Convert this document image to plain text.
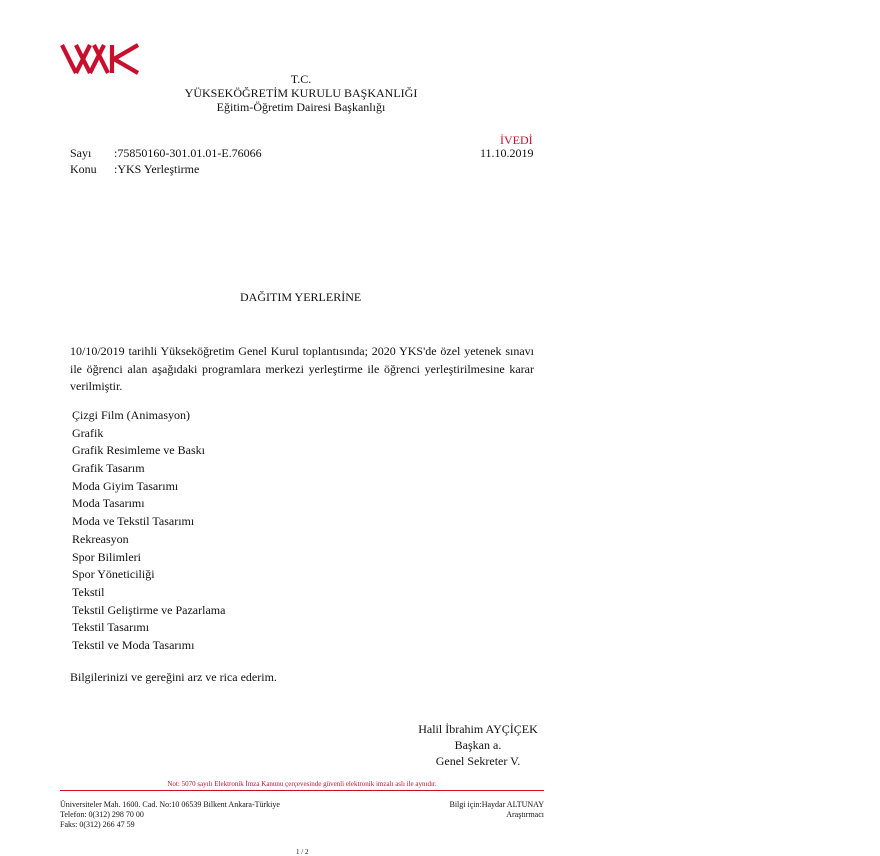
T.C.
YÜKSEKÖĞRETİM KURULU BAŞKANLIĞI
Eğitim-Öğretim Dairesi Başkanlığı
İVEDİ
Sayı :75850160-301.01.01-E.76066	11.10.2019
Konu :YKS Yerleştirme
DAĞITIM YERLERİNE
10/10/2019 tarihli Yükseköğretim Genel Kurul toplantısında; 2020 YKS'de özel yetenek sınavı ile öğrenci alan aşağıdaki programlara merkezi yerleştirme ile öğrenci yerleştirilmesine karar verilmiştir.
Çizgi Film (Animasyon)
Grafik
Grafik Resimleme ve Baskı
Grafik Tasarım
Moda Giyim Tasarımı
Moda Tasarımı
Moda ve Tekstil Tasarımı
Rekreasyon
Spor Bilimleri
Spor Yöneticiliği
Tekstil
Tekstil Geliştirme ve Pazarlama
Tekstil Tasarımı
Tekstil ve Moda Tasarımı
Bilgilerinizi ve gereğini arz ve rica ederim.
Halil İbrahim AYÇİÇEK
Başkan a.
Genel Sekreter V.
Not: 5070 sayılı Elektronik İmza Kanunu çerçevesinde güvenli elektronik imzalı aslı ile aynıdır.
Üniversiteler Mah. 1600. Cad. No:10 06539 Bilkent Ankara-Türkiye
Telefon: 0(312) 298 70 00
Faks: 0(312) 266 47 59
Bilgi için:Haydar ALTUNAY
Araştırmacı
1 / 2
